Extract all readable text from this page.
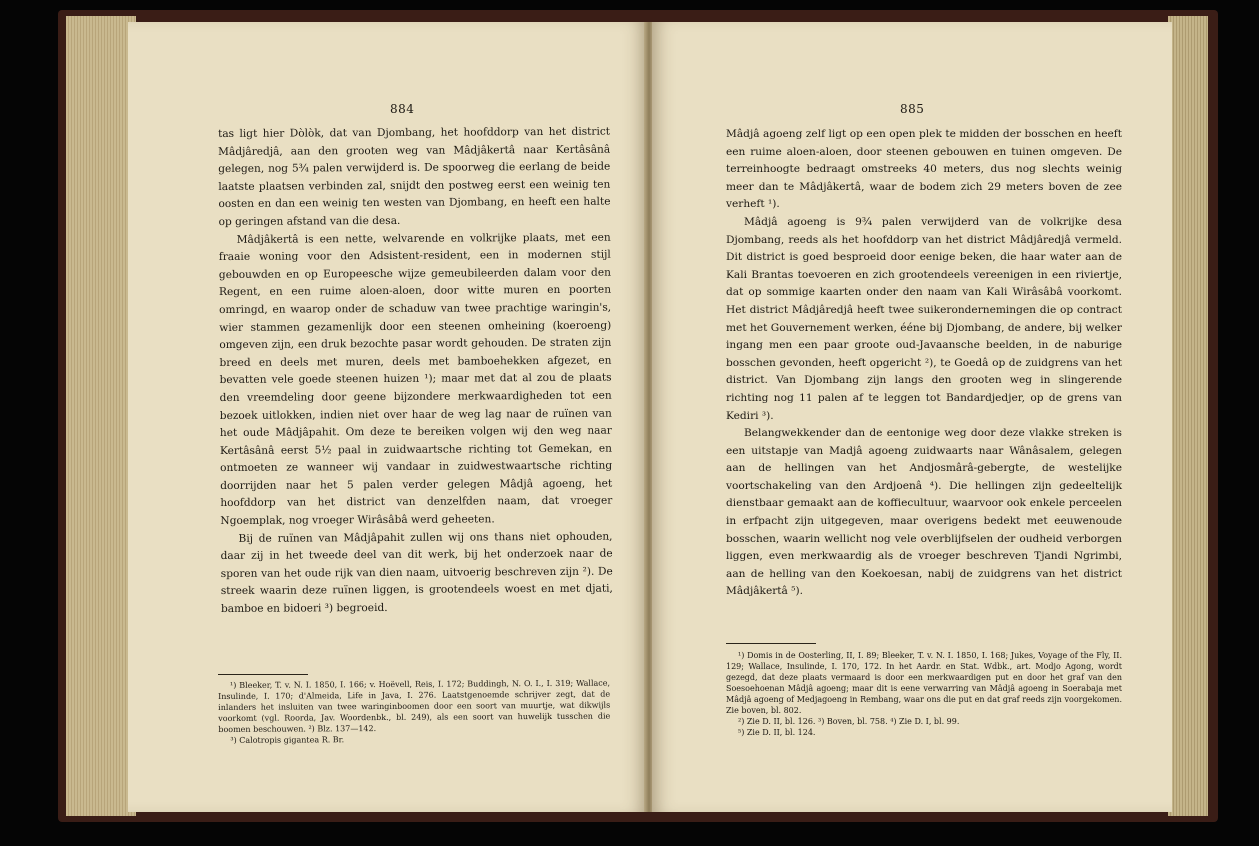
884

tas ligt hier Dòlòk, dat van Djombang, het hoofddorp van het district Mâdjâredjâ, aan den grooten weg van Mâdjâkertâ naar Kertâsânâ gelegen, nog 5¾ palen verwijderd is. De spoorweg die eerlang de beide laatste plaatsen verbinden zal, snijdt den postweg eerst een weinig ten oosten en dan een weinig ten westen van Djombang, en heeft een halte op geringen afstand van die desa.

Mâdjâkertâ is een nette, welvarende en volkrijke plaats, met een fraaie woning voor den Adsistent-resident, een in modernen stijl gebouwden en op Europeesche wijze gemeubileerden dalam voor den Regent, en een ruime aloen-aloen, door witte muren en poorten omringd, en waarop onder de schaduw van twee prachtige waringin's, wier stammen gezamenlijk door een steenen omheining (koeroeng) omgeven zijn, een druk bezochte pasar wordt gehouden. De straten zijn breed en deels met muren, deels met bamboehekken afgezet, en bevatten vele goede steenen huizen ¹); maar met dat al zou de plaats den vreemdeling door geene bijzondere merkwaardigheden tot een bezoek uitlokken, indien niet over haar de weg lag naar de ruïnen van het oude Mâdjâpahit. Om deze te bereiken volgen wij den weg naar Kertâsânâ eerst 5½ paal in zuidwaartsche richting tot Gemekan, en ontmoeten ze wanneer wij vandaar in zuidwestwaartsche richting doorrijden naar het 5 palen verder gelegen Mâdjâ agoeng, het hoofddorp van het district van denzelfden naam, dat vroeger Ngoemplak, nog vroeger Wirâsâbâ werd geheeten.

Bij de ruïnen van Mâdjâpahit zullen wij ons thans niet ophouden, daar zij in het tweede deel van dit werk, bij het onderzoek naar de sporen van het oude rijk van dien naam, uitvoerig beschreven zijn ²). De streek waarin deze ruïnen liggen, is grootendeels woest en met djati, bamboe en bidoeri ³) begroeid.

¹) Bleeker, T. v. N. I. 1850, I. 166; v. Hoëvell, Reis, I. 172; Buddingh, N. O. I., I. 319; Wallace, Insulinde, I. 170; d'Almeida, Life in Java, I. 276. Laatstgenoemde schrijver zegt, dat de inlanders het insluiten van twee waringinboomen door een soort van muurtje, wat dikwijls voorkomt (vgl. Roorda, Jav. Woordenbk., bl. 249), als een soort van huwelijk tusschen die boomen beschouwen. ²) Blz. 137—142.

³) Calotropis gigantea R. Br.

885

Mâdjâ agoeng zelf ligt op een open plek te midden der bosschen en heeft een ruime aloen-aloen, door steenen gebouwen en tuinen omgeven. De terreinhoogte bedraagt omstreeks 40 meters, dus nog slechts weinig meer dan te Mâdjâkertâ, waar de bodem zich 29 meters boven de zee verheft ¹).

Mâdjâ agoeng is 9¾ palen verwijderd van de volkrijke desa Djombang, reeds als het hoofddorp van het district Mâdjâredjâ vermeld. Dit district is goed besproeid door eenige beken, die haar water aan de Kali Brantas toevoeren en zich grootendeels vereenigen in een riviertje, dat op sommige kaarten onder den naam van Kali Wirâsâbâ voorkomt. Het district Mâdjâredjâ heeft twee suikerondernemingen die op contract met het Gouvernement werken, ééne bij Djombang, de andere, bij welker ingang men een paar groote oud-Javaansche beelden, in de naburige bosschen gevonden, heeft opgericht ²), te Goedâ op de zuidgrens van het district. Van Djombang zijn langs den grooten weg in slingerende richting nog 11 palen af te leggen tot Bandardjedjer, op de grens van Kediri ³).

Belangwekkender dan de eentonige weg door deze vlakke streken is een uitstapje van Madjâ agoeng zuidwaarts naar Wânâsalem, gelegen aan de hellingen van het Andjosmârâ-gebergte, de westelijke voortschakeling van den Ardjoenâ ⁴). Die hellingen zijn gedeeltelijk dienstbaar gemaakt aan de koffiecultuur, waarvoor ook enkele perceelen in erfpacht zijn uitgegeven, maar overigens bedekt met eeuwenoude bosschen, waarin wellicht nog vele overblijfselen der oudheid verborgen liggen, even merkwaardig als de vroeger beschreven Tjandi Ngrimbi, aan de helling van den Koekoesan, nabij de zuidgrens van het district Mâdjâkertâ ⁵).

¹) Domis in de Oosterling, II, I. 89; Bleeker, T. v. N. I. 1850, I. 168; Jukes, Voyage of the Fly, II. 129; Wallace, Insulinde, I. 170, 172. In het Aardr. en Stat. Wdbk., art. Modjo Agong, wordt gezegd, dat deze plaats vermaard is door een merkwaardigen put en door het graf van den Soesoehoenan Mâdjâ agoeng; maar dit is eene verwarring van Mâdjâ agoeng in Soerabaja met Mâdjâ agoeng of Medjagoeng in Rembang, waar ons die put en dat graf reeds zijn voorgekomen. Zie boven, bl. 802.

²) Zie D. II, bl. 126. ³) Boven, bl. 758. ⁴) Zie D. I, bl. 99.

⁵) Zie D. II, bl. 124.
